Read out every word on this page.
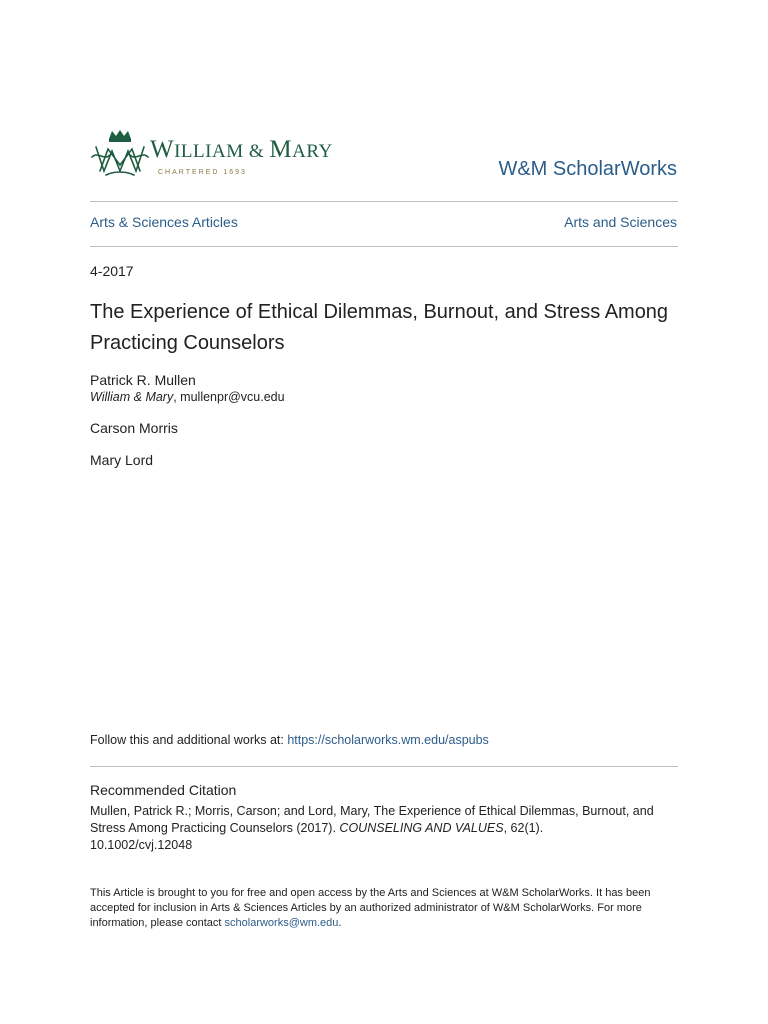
WILLIAM & MARY
CHARTERED 1693	W&M ScholarWorks
Arts & Sciences Articles	Arts and Sciences
4-2017
The Experience of Ethical Dilemmas, Burnout, and Stress Among Practicing Counselors
Patrick R. Mullen
William & Mary, mullenpr@vcu.edu
Carson Morris
Mary Lord
Follow this and additional works at: https://scholarworks.wm.edu/aspubs
Recommended Citation
Mullen, Patrick R.; Morris, Carson; and Lord, Mary, The Experience of Ethical Dilemmas, Burnout, and Stress Among Practicing Counselors (2017). COUNSELING AND VALUES, 62(1).
10.1002/cvj.12048
This Article is brought to you for free and open access by the Arts and Sciences at W&M ScholarWorks. It has been accepted for inclusion in Arts & Sciences Articles by an authorized administrator of W&M ScholarWorks. For more information, please contact scholarworks@wm.edu.
